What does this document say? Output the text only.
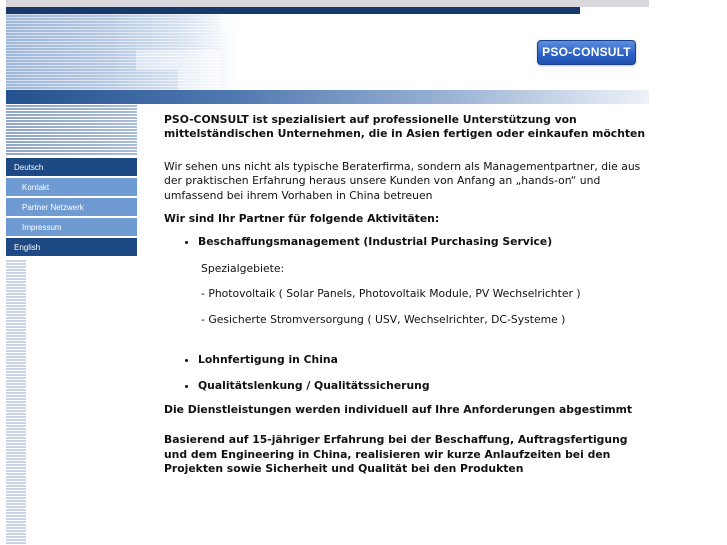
PSO-CONSULT
Deutsch
Kontakt
Partner Netzwerk
Impressum
English

PSO-CONSULT ist spezialisiert auf professionelle Unterstützung von mittelständischen Unternehmen, die in Asien fertigen oder einkaufen möchten

Wir sehen uns nicht als typische Beraterfirma, sondern als Managementpartner, die aus der praktischen Erfahrung heraus unsere Kunden von Anfang an „hands-on“ und umfassend bei ihrem Vorhaben in China betreuen

Wir sind Ihr Partner für folgende Aktivitäten:

• Beschaffungsmanagement (Industrial Purchasing Service)
Spezialgebiete:
- Photovoltaik ( Solar Panels, Photovoltaik Module, PV Wechselrichter )
- Gesicherte Stromversorgung ( USV, Wechselrichter, DC-Systeme )
• Lohnfertigung in China
• Qualitätslenkung / Qualitätssicherung

Die Dienstleistungen werden individuell auf Ihre Anforderungen abgestimmt

Basierend auf 15-jähriger Erfahrung bei der Beschaffung, Auftragsfertigung und dem Engineering in China, realisieren wir kurze Anlaufzeiten bei den Projekten sowie Sicherheit und Qualität bei den Produkten
